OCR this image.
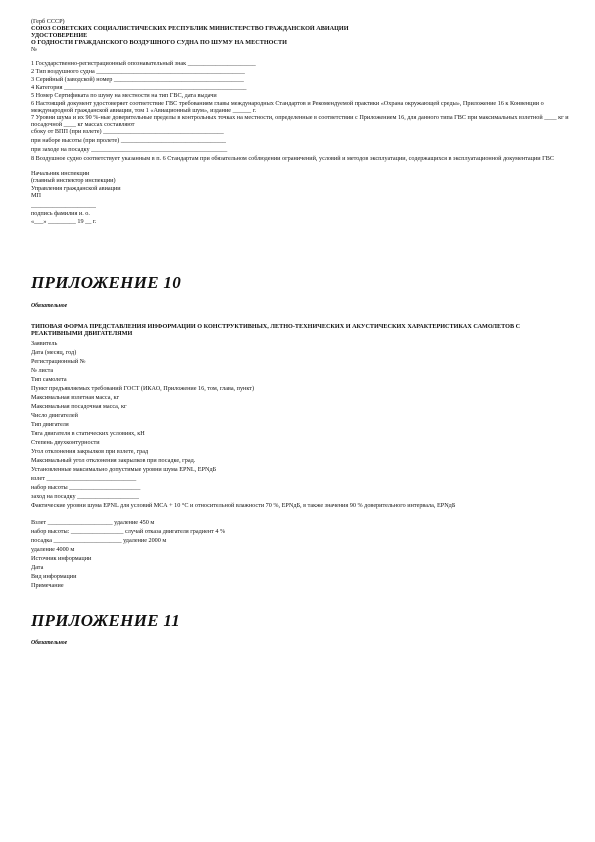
(Герб СССР)
СОЮЗ СОВЕТСКИХ СОЦИАЛИСТИЧЕСКИХ РЕСПУБЛИК МИНИСТЕРСТВО ГРАЖДАНСКОЙ АВИАЦИИ
УДОСТОВЕРЕНИЕ
О ГОДНОСТИ ГРАЖДАНСКОГО ВОЗДУШНОГО СУДНА ПО ШУМУ НА МЕСТНОСТИ
№
1 Государственно-регистрационный опознавательный знак ______________________
2 Тип воздушного судна ________________________________________________
3 Серийный (заводской) номер __________________________________________
4 Категория ___________________________________________________________
5 Номер Сертификата по шуму на местности на тип ГВС, дата выдачи
6 Настоящий документ удостоверяет соответствие ГВС требованиям главы международных Стандартов и Рекомендуемой практики «Охрана окружающей среды», Приложение 16 к Конвенции о международной гражданской авиации, том 1 «Авиационный шум», издание ______ г.
7 Уровни шума и их 90 %-ные доверительные пределы в контрольных точках на местности, определенные в соответствии с Приложением 16, для данного типа ГВС при максимальных взлетной ____ кг и посадочной ____ кг массах составляют
сбоку от ВПП (при взлете) _______________________________________
при наборе высоты (при пролете) __________________________________
при заходе на посадку ____________________________________________
8 Воздушное судно соответствует указанным в п. 6 Стандартам при обязательном соблюдении ограничений, условий и методов эксплуатации, содержащихся в эксплуатационной документации ГВС
Начальник инспекции
(главный инспектор инспекции)
Управления гражданской авиации
МП
_____________________
подпись фамилия и. о.
«___» _________ 19 __ г.
ПРИЛОЖЕНИЕ 10
Обязательное
ТИПОВАЯ ФОРМА ПРЕДСТАВЛЕНИЯ ИНФОРМАЦИИ О КОНСТРУКТИВНЫХ, ЛЕТНО-ТЕХНИЧЕСКИХ И АКУСТИЧЕСКИХ ХАРАКТЕРИСТИКАХ САМОЛЕТОВ С РЕАКТИВНЫМИ ДВИГАТЕЛЯМИ
Заявитель
Дата (месяц, год)
Регистрационный №
№ листа
Тип самолета
Пункт предъявляемых требований ГОСТ (ИКАО, Приложение 16, том, глава, пункт)
Максимальная взлетная масса, кг
Максимальная посадочная масса, кг
Число двигателей
Тип двигателя
Тяга двигателя в статических условиях, кН
Степень двухконтурности
Угол отклонения закрылков при взлете, град
Максимальный угол отклонения закрылков при посадке, град.
Установленные максимально допустимые уровни шума EPNL, EPNдБ
взлет _____________________________
набор высоты _______________________
заход на посадку ____________________
Фактические уровни шума EPNL для условий МСА + 10 °С и относительной влажности 70 %, EPNдБ, в также значения 90 % доверительного интервала, EPNдБ
Взлет _____________________ удаление 450 м
набор высоты: _________________ случай отказа двигателя градиент 4 %
посадка ______________________ удаление 2000 м
удаление 4000 м
Источник информации
Дата
Вид информации
Примечание
ПРИЛОЖЕНИЕ 11
Обязательное
